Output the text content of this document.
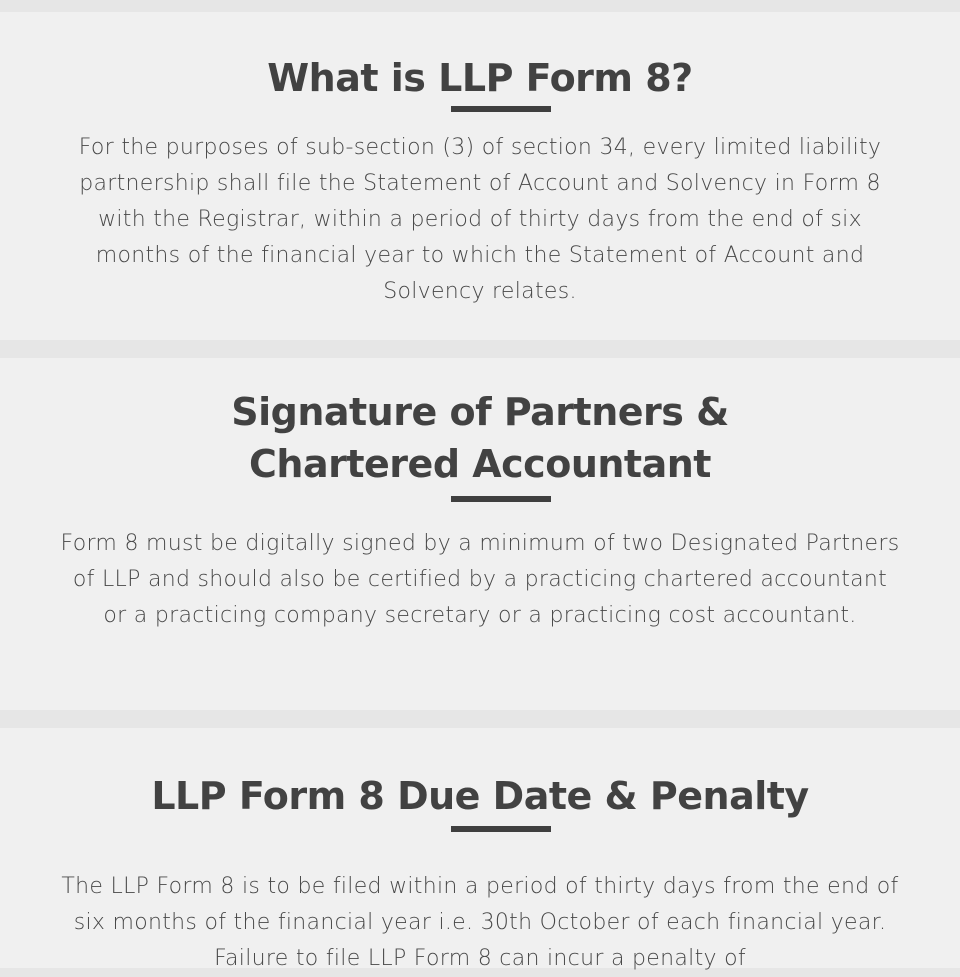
What is LLP Form 8?

For the purposes of sub-section (3) of section 34, every limited liability partnership shall file the Statement of Account and Solvency in Form 8 with the Registrar, within a period of thirty days from the end of six months of the financial year to which the Statement of Account and Solvency relates.

Signature of Partners &
Chartered Accountant

Form 8 must be digitally signed by a minimum of two Designated Partners of LLP and should also be certified by a practicing chartered accountant or a practicing company secretary or a practicing cost accountant.

LLP Form 8 Due Date & Penalty

The LLP Form 8 is to be filed within a period of thirty days from the end of six months of the financial year i.e. 30th October of each financial year. Failure to file LLP Form 8 can incur a penalty of
